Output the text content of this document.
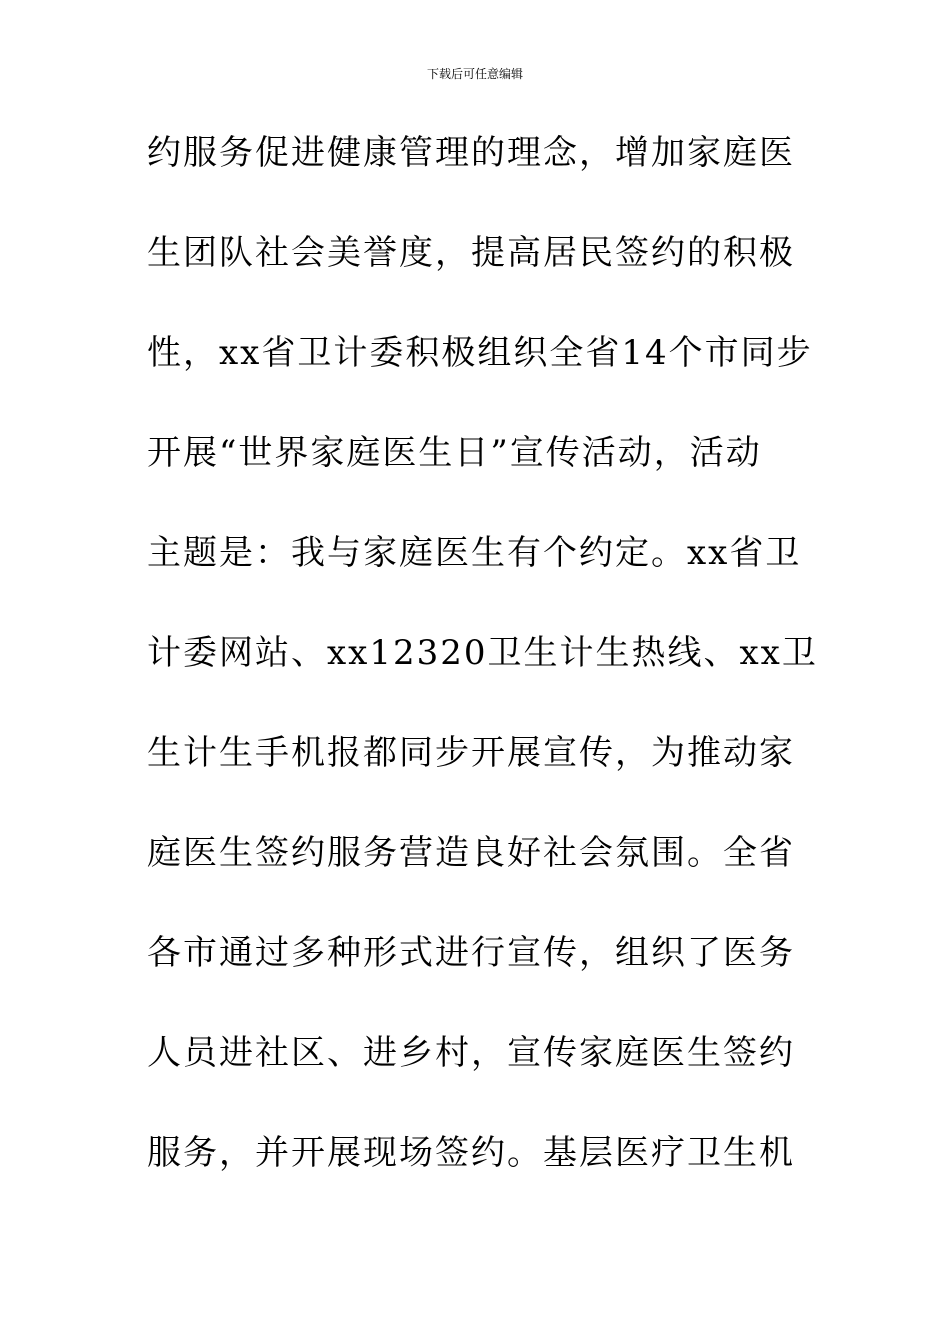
下载后可任意编辑
约服务促进健康管理的理念，增加家庭医
生团队社会美誉度，提高居民签约的积极
性，xx省卫计委积极组织全省14个市同步
开展“世界家庭医生日”宣传活动，活动
主题是：我与家庭医生有个约定。xx省卫
计委网站、xx12320卫生计生热线、xx卫
生计生手机报都同步开展宣传，为推动家
庭医生签约服务营造良好社会氛围。全省
各市通过多种形式进行宣传，组织了医务
人员进社区、进乡村，宣传家庭医生签约
服务，并开展现场签约。基层医疗卫生机
